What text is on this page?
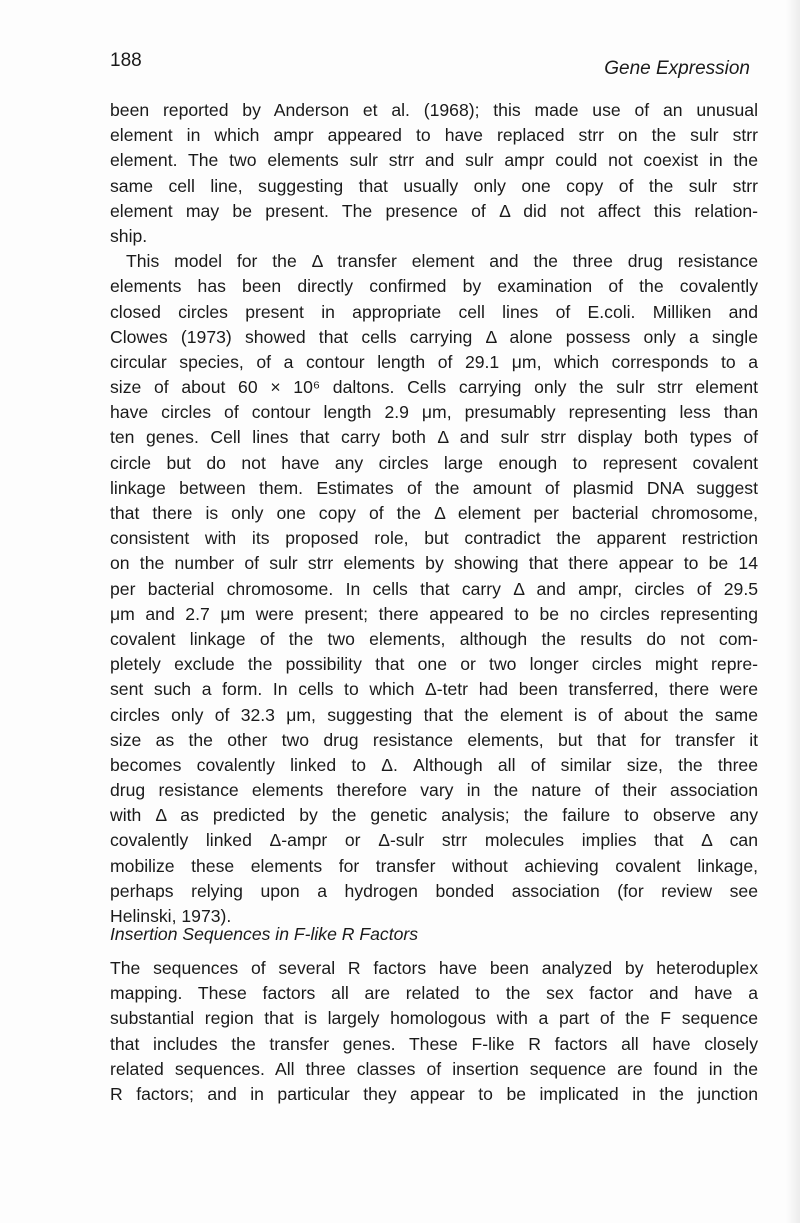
188	Gene Expression
been reported by Anderson et al. (1968); this made use of an unusual
element in which ampr appeared to have replaced strr on the sulr strr
element. The two elements sulr strr and sulr ampr could not coexist in the
same cell line, suggesting that usually only one copy of the sulr strr
element may be present. The presence of Δ did not affect this relation-
ship.
This model for the Δ transfer element and the three drug resistance
elements has been directly confirmed by examination of the covalently
closed circles present in appropriate cell lines of E.coli. Milliken and
Clowes (1973) showed that cells carrying Δ alone possess only a single
circular species, of a contour length of 29.1 μm, which corresponds to a
size of about 60 × 10⁶ daltons. Cells carrying only the sulr strr element
have circles of contour length 2.9 μm, presumably representing less than
ten genes. Cell lines that carry both Δ and sulr strr display both types of
circle but do not have any circles large enough to represent covalent
linkage between them. Estimates of the amount of plasmid DNA suggest
that there is only one copy of the Δ element per bacterial chromosome,
consistent with its proposed role, but contradict the apparent restriction
on the number of sulr strr elements by showing that there appear to be 14
per bacterial chromosome. In cells that carry Δ and ampr, circles of 29.5
μm and 2.7 μm were present; there appeared to be no circles representing
covalent linkage of the two elements, although the results do not com-
pletely exclude the possibility that one or two longer circles might repre-
sent such a form. In cells to which Δ-tetr had been transferred, there were
circles only of 32.3 μm, suggesting that the element is of about the same
size as the other two drug resistance elements, but that for transfer it
becomes covalently linked to Δ. Although all of similar size, the three
drug resistance elements therefore vary in the nature of their association
with Δ as predicted by the genetic analysis; the failure to observe any
covalently linked Δ-ampr or Δ-sulr strr molecules implies that Δ can
mobilize these elements for transfer without achieving covalent linkage,
perhaps relying upon a hydrogen bonded association (for review see
Helinski, 1973).
Insertion Sequences in F-like R Factors
The sequences of several R factors have been analyzed by heteroduplex
mapping. These factors all are related to the sex factor and have a
substantial region that is largely homologous with a part of the F sequence
that includes the transfer genes. These F-like R factors all have closely
related sequences. All three classes of insertion sequence are found in the
R factors; and in particular they appear to be implicated in the junction
